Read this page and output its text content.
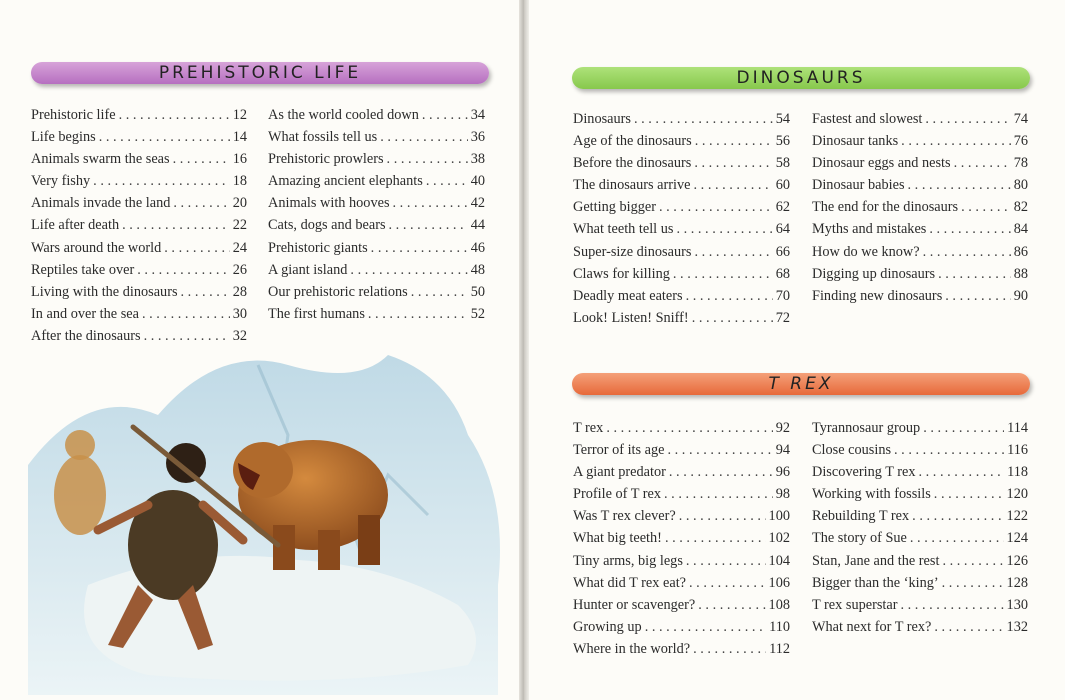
PREHISTORIC LIFE
Prehistoric life . . .	12
Life begins . . .	14
Animals swarm the seas . . .	16
Very fishy . . .	18
Animals invade the land . . .	20
Life after death . . .	22
Wars around the world . . .	24
Reptiles take over . . .	26
Living with the dinosaurs . . .	28
In and over the sea . . .	30
After the dinosaurs . . .	32
As the world cooled down . . .	34
What fossils tell us . . .	36
Prehistoric prowlers . . .	38
Amazing ancient elephants . . .	40
Animals with hooves . . .	42
Cats, dogs and bears . . .	44
Prehistoric giants . . .	46
A giant island . . .	48
Our prehistoric relations . . .	50
The first humans . . .	52
DINOSAURS
Dinosaurs . . .	54
Age of the dinosaurs . . .	56
Before the dinosaurs . . .	58
The dinosaurs arrive . . .	60
Getting bigger . . .	62
What teeth tell us . . .	64
Super-size dinosaurs . . .	66
Claws for killing . . .	68
Deadly meat eaters . . .	70
Look! Listen! Sniff! . . .	72
Fastest and slowest . . .	74
Dinosaur tanks . . .	76
Dinosaur eggs and nests . . .	78
Dinosaur babies . . .	80
The end for the dinosaurs . . .	82
Myths and mistakes . . .	84
How do we know? . . .	86
Digging up dinosaurs . . .	88
Finding new dinosaurs . . .	90
T REX
T rex . . .	92
Terror of its age . . .	94
A giant predator . . .	96
Profile of T rex . . .	98
Was T rex clever? . . .	100
What big teeth! . . .	102
Tiny arms, big legs . . .	104
What did T rex eat? . . .	106
Hunter or scavenger? . . .	108
Growing up . . .	110
Where in the world? . . .	112
Tyrannosaur group . . .	114
Close cousins . . .	116
Discovering T rex . . .	118
Working with fossils . . .	120
Rebuilding T rex . . .	122
The story of Sue . . .	124
Stan, Jane and the rest . . .	126
Bigger than the ‘king’ . . .	128
T rex superstar . . .	130
What next for T rex? . . .	132
